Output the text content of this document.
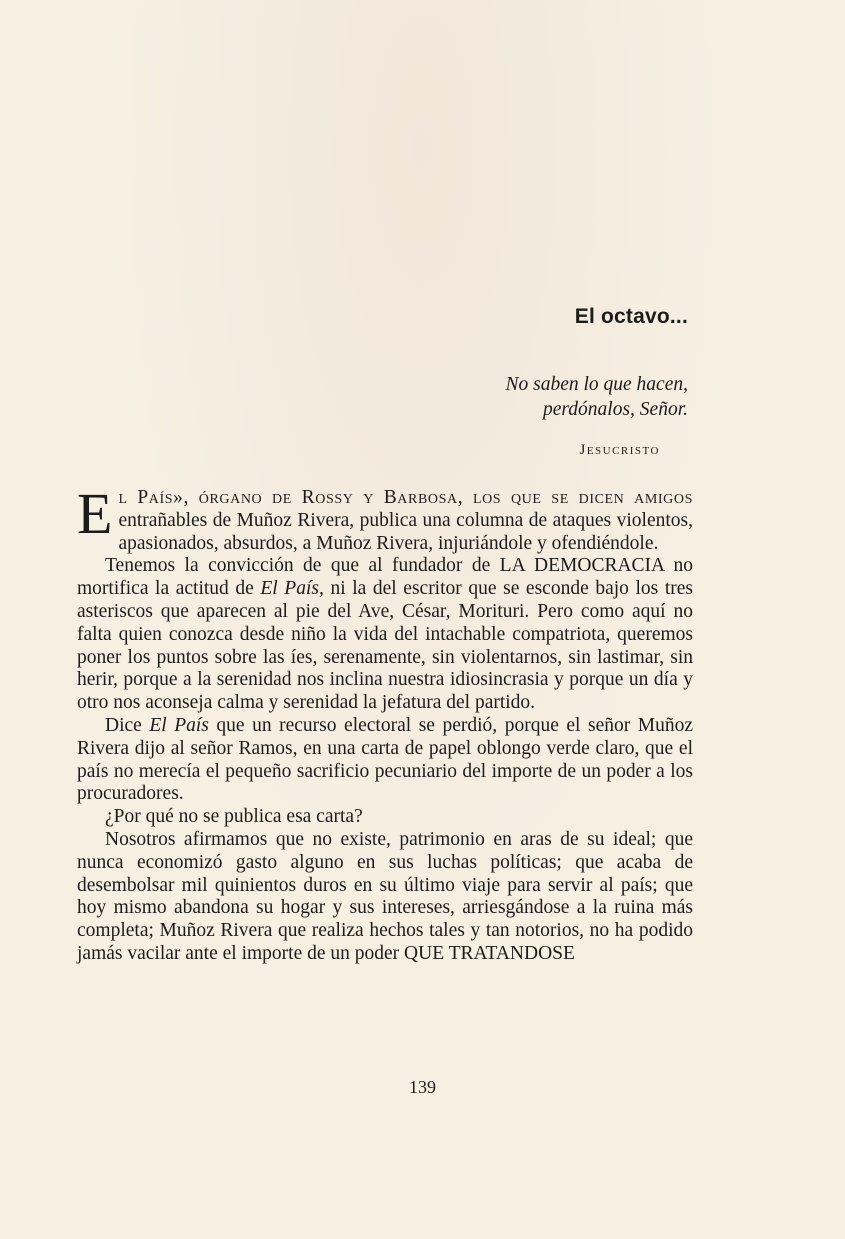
El octavo...
No saben lo que hacen,
perdónalos, Señor.
Jesucristo

El País», órgano de Rossy y Barbosa, los que se dicen amigos entrañables de Muñoz Rivera, publica una columna de ataques violentos, apasionados, absurdos, a Muñoz Rivera, injuriándole y ofendiéndole.

Tenemos la convicción de que al fundador de LA DEMOCRACIA no mortifica la actitud de El País, ni la del escritor que se esconde bajo los tres asteriscos que aparecen al pie del Ave, César, Morituri. Pero como aquí no falta quien conozca desde niño la vida del intachable compatriota, queremos poner los puntos sobre las íes, serenamente, sin violentarnos, sin lastimar, sin herir, porque a la serenidad nos inclina nuestra idiosincrasia y porque un día y otro nos aconseja calma y serenidad la jefatura del partido.

Dice El País que un recurso electoral se perdió, porque el señor Muñoz Rivera dijo al señor Ramos, en una carta de papel oblongo verde claro, que el país no merecía el pequeño sacrificio pecuniario del importe de un poder a los procuradores.

¿Por qué no se publica esa carta?

Nosotros afirmamos que no existe, patrimonio en aras de su ideal; que nunca economizó gasto alguno en sus luchas políticas; que acaba de desembolsar mil quinientos duros en su último viaje para servir al país; que hoy mismo abandona su hogar y sus intereses, arriesgándose a la ruina más completa; Muñoz Rivera que realiza hechos tales y tan notorios, no ha podido jamás vacilar ante el importe de un poder QUE TRATANDOSE

139
